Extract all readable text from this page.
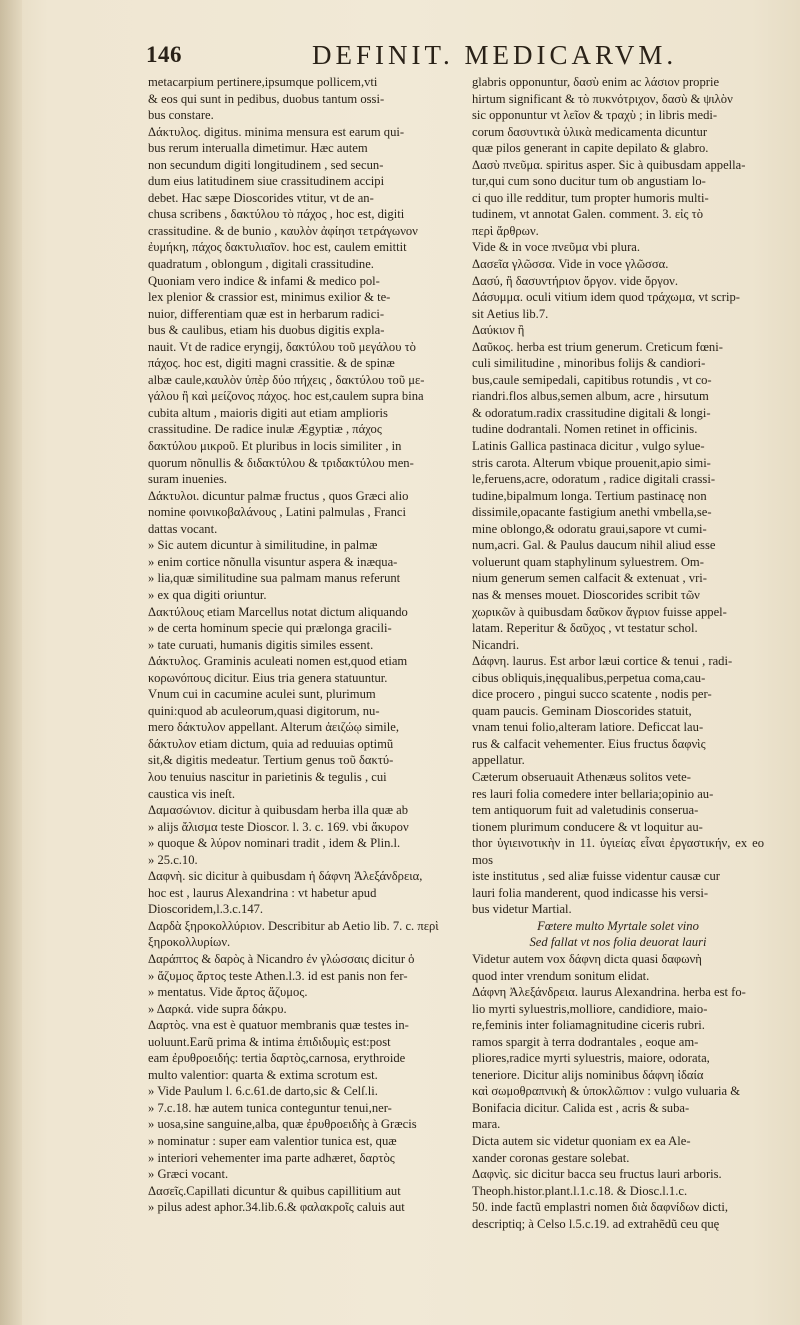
146	DEFINIT. MEDICARVM.

metacarpium pertinere,ipsumque pollicem,vti

& eos qui sunt in pedibus, duobus tantum ossi-

bus constare.

Δάκτυλος. digitus. minima mensura est earum qui-

bus rerum interualla dimetimur. Hæc autem

non secundum digiti longitudinem , sed secun-

dum eius latitudinem siue crassitudinem accipi

debet. Hac sæpe Dioscorides vtitur, vt de an-

chusa scribens , δακτύλου τὸ πάχος , hoc est, digiti

crassitudine. & de bunio , καυλὸν ἀφίησι τετράγωνον

ἐυμήκη, πάχος δακτυλιαῖον. hoc est, caulem emittit

quadratum , oblongum , digitali crassitudine.

Quoniam vero indice & infami & medico pol-

lex plenior & crassior est, minimus exilior & te-

nuior, differentiam quæ est in herbarum radici-

bus & caulibus, etiam his duobus digitis expla-

nauit. Vt de radice eryngij, δακτύλου τοῦ μεγάλου τὸ

πάχος. hoc est, digiti magni crassitie. & de spinæ

albæ caule,καυλὸν ὑπὲρ δύο πήχεις , δακτύλου τοῦ με-

γάλου ἢ καὶ μείζονος πάχος. hoc est,caulem supra bina

cubita altum , maioris digiti aut etiam amplioris

crassitudine. De radice inulæ Ægyptiæ , πάχος

δακτύλου μικροῦ. Et pluribus in locis similiter , in

quorum nõnullis & διδακτύλου & τριδακτύλου men-

suram inuenies.

Δάκτυλοι. dicuntur palmæ fructus , quos Græci alio

nomine φοινικοβαλάνους , Latini palmulas , Franci

dattas vocant.

» Sic autem dicuntur à similitudine, in palmæ

» enim cortice nõnulla visuntur aspera & inæqua-

» lia,quæ similitudine sua palmam manus referunt

» ex qua digiti oriuntur.

Δακτύλους etiam Marcellus notat dictum aliquando

» de certa hominum specie qui prælonga gracili-

» tate curuati, humanis digitis similes essent.

Δάκτυλος. Graminis aculeati nomen est,quod etiam

κορωνόπους dicitur. Eius tria genera statuuntur.

Vnum cui in cacumine aculei sunt, plurimum

quini:quod ab aculeorum,quasi digitorum, nu-

mero δάκτυλον appellant. Alterum ἀειζώῳ simile,

δάκτυλον etiam dictum, quia ad reduuias optimũ

sit,& digitis medeatur. Tertium genus τοῦ δακτύ-

λου tenuius nascitur in parietinis & tegulis , cui

caustica vis ineſt.

Δαμασώνιον. dicitur à quibusdam herba illa quæ ab

» alijs ἄλισμα teste Dioscor. l. 3. c. 169. vbi ἄκυρον

» quoque & λύρον nominari tradit , idem & Plin.l.

» 25.c.10.

Δαφνὴ. sic dicitur à quibusdam ἡ δάφνη Ἀλεξάνδρεια,

hoc est , laurus Alexandrina : vt habetur apud

Dioscoridem,l.3.c.147.

Δαρδὰ ξηροκολλύριον. Describitur ab Aetio lib. 7. c. περὶ

ξηροκολλυρίων.

Δαράπτος & δαρὸς à Nicandro ἐν γλώσσαις dicitur ὁ

» ἄζυμος ἄρτος teste Athen.l.3. id est panis non fer-

» mentatus. Vide ἄρτος ἄζυμος.

» Δαρκά. vide supra δάκρυ.

Δαρτὸς. vna est è quatuor membranis quæ testes in-

uoluunt.Earũ prima & intima ἐπιδιδυμὶς est:post

eam ἐρυθροειδής: tertia δαρτὸς,carnosa, erythroide

multo valentior: quarta & extima scrotum est.

» Vide Paulum l. 6.c.61.de darto,sic & Celſ.li.

» 7.c.18. hæ autem tunica conteguntur tenui,ner-

» uosa,sine sanguine,alba, quæ ἐρυθροειδὴς à Græcis

» nominatur : super eam valentior tunica est, quæ

» interiori vehementer ima parte adhæret, δαρτὸς

» Græci vocant.

Δασεῖς.Capillati dicuntur & quibus capillitium aut

» pilus adest aphor.34.lib.6.& φαλακροῖς caluis aut

glabris opponuntur, δασὺ enim ac λάσιον proprie

hirtum significant & τὸ πυκνότριχον, δασὺ & ψιλὸν

sic opponuntur vt λεῖον & τραχὺ ; in libris medi-

corum δασυντικὰ ὑλικὰ medicamenta dicuntur

quæ pilos generant in capite depilato & glabro.

Δασὺ πνεῦμα. spiritus asper. Sic à quibusdam appella-

tur,qui cum sono ducitur tum ob angustiam lo-

ci quo ille redditur, tum propter humoris multi-

tudinem, vt annotat Galen. comment. 3. εἰς τὸ

περὶ ἄρθρων.

Vide & in voce πνεῦμα vbi plura.

Δασεῖα γλῶσσα. Vide in voce γλῶσσα.

Δασύ, ἢ δασυντήριον ὄργον. vide ὄργον.

Δάσυμμα. oculi vitium idem quod τράχωμα, vt scrip-

sit Aetius lib.7.

Δαύκιον ἢ

Δαῦκος. herba est trium generum. Creticum fœni-

culi similitudine , minoribus folijs & candiori-

bus,caule semipedali, capitibus rotundis , vt co-

riandri.flos albus,semen album, acre , hirsutum

& odoratum.radix crassitudine digitali & longi-

tudine dodrantali. Nomen retinet in officinis.

Latinis Gallica pastinaca dicitur , vulgo sylue-

stris carota. Alterum vbique prouenit,apio simi-

le,feruens,acre, odoratum , radice digitali crassi-

tudine,bipalmum longa. Tertium pastinacę non

dissimile,opacante fastigium anethi vmbella,se-

mine oblongo,& odoratu graui,sapore vt cumi-

num,acri. Gal. & Paulus daucum nihil aliud esse

voluerunt quam staphylinum syluestrem. Om-

nium generum semen calfacit & extenuat , vri-

nas & menses mouet. Dioscorides scribit τῶν

χωρικῶν à quibusdam δαῦκον ἄγριον fuisse appel-

latam. Reperitur & δαῦχος , vt testatur schol.

Nicandri.

Δάφνη. laurus. Est arbor læui cortice & tenui , radi-

cibus obliquis,inęqualibus,perpetua coma,cau-

dice procero , pingui succo scatente , nodis per-

quam paucis. Geminam Dioscorides statuit,

vnam tenui folio,alteram latiore. Deficcat lau-

rus & calfacit vehementer. Eius fructus δαφνὶς

appellatur.

Cæterum obseruauit Athenæus solitos vete-

res lauri folia comedere inter bellaria;opinio au-

tem antiquorum fuit ad valetudinis conserua-

tionem plurimum conducere & vt loquitur au-

thor ὑγιεινοτικὴν in 11. ὑγιείας εἶναι ἐργαστικήν, ex eo mos

iste institutus , sed aliæ fuisse videntur causæ cur

lauri folia manderent, quod indicasse his versi-

bus videtur Martial.

Fœtere multo Myrtale solet vino

Sed fallat vt nos folia deuorat lauri

Videtur autem vox δάφνη dicta quasi δαφωνὴ

quod inter vrendum sonitum elidat.

Δάφνη Ἀλεξάνδρεια. laurus Alexandrina. herba est fo-

lio myrti syluestris,molliore, candidiore, maio-

re,feminis inter foliamagnitudine ciceris rubri.

ramos spargit à terra dodrantales , eoque am-

pliores,radice myrti syluestris, maiore, odorata,

teneriore. Dicitur alijs nominibus δάφνη ἰδαία

καὶ σωμοθραπνικὴ & ὑποκλῶπιον : vulgo vuluaria &

Bonifacia dicitur. Calida est , acris & suba-

mara.

Dicta autem sic videtur quoniam ex ea Ale-

xander coronas gestare solebat.

Δαφνὶς. sic dicitur bacca seu fructus lauri arboris.

Theoph.histor.plant.l.1.c.18. & Diosc.l.1.c.

50. inde factũ emplastri nomen διὰ δαφνίδων dicti,

descriptiq; à Celso l.5.c.19. ad extrahẽdũ ceu quę
